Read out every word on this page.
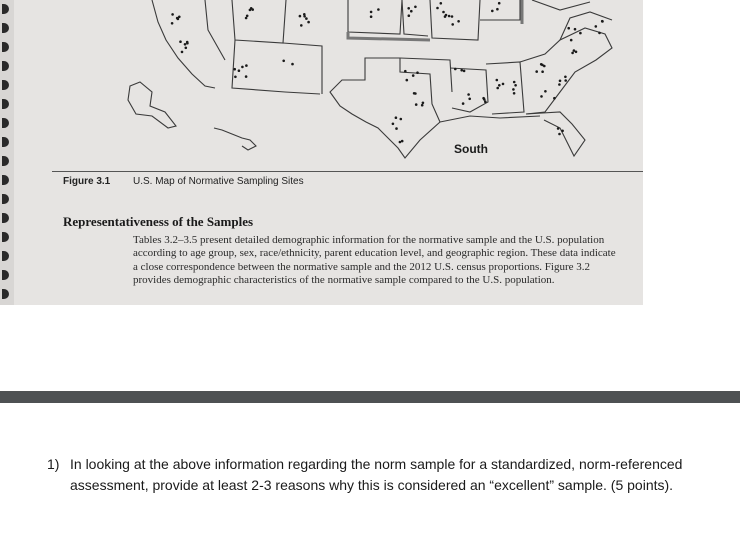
South
Figure 3.1 U.S. Map of Normative Sampling Sites
Representativeness of the Samples
Tables 3.2–3.5 present detailed demographic information for the normative sample and the U.S. population according to age group, sex, race/ethnicity, parent education level, and geographic region. These data indicate a close correspondence between the normative sample and the 2012 U.S. census proportions. Figure 3.2 provides demographic characteristics of the normative sample compared to the U.S. population.
1) In looking at the above information regarding the norm sample for a standardized, norm-referenced assessment, provide at least 2-3 reasons why this is considered an “excellent” sample. (5 points).
